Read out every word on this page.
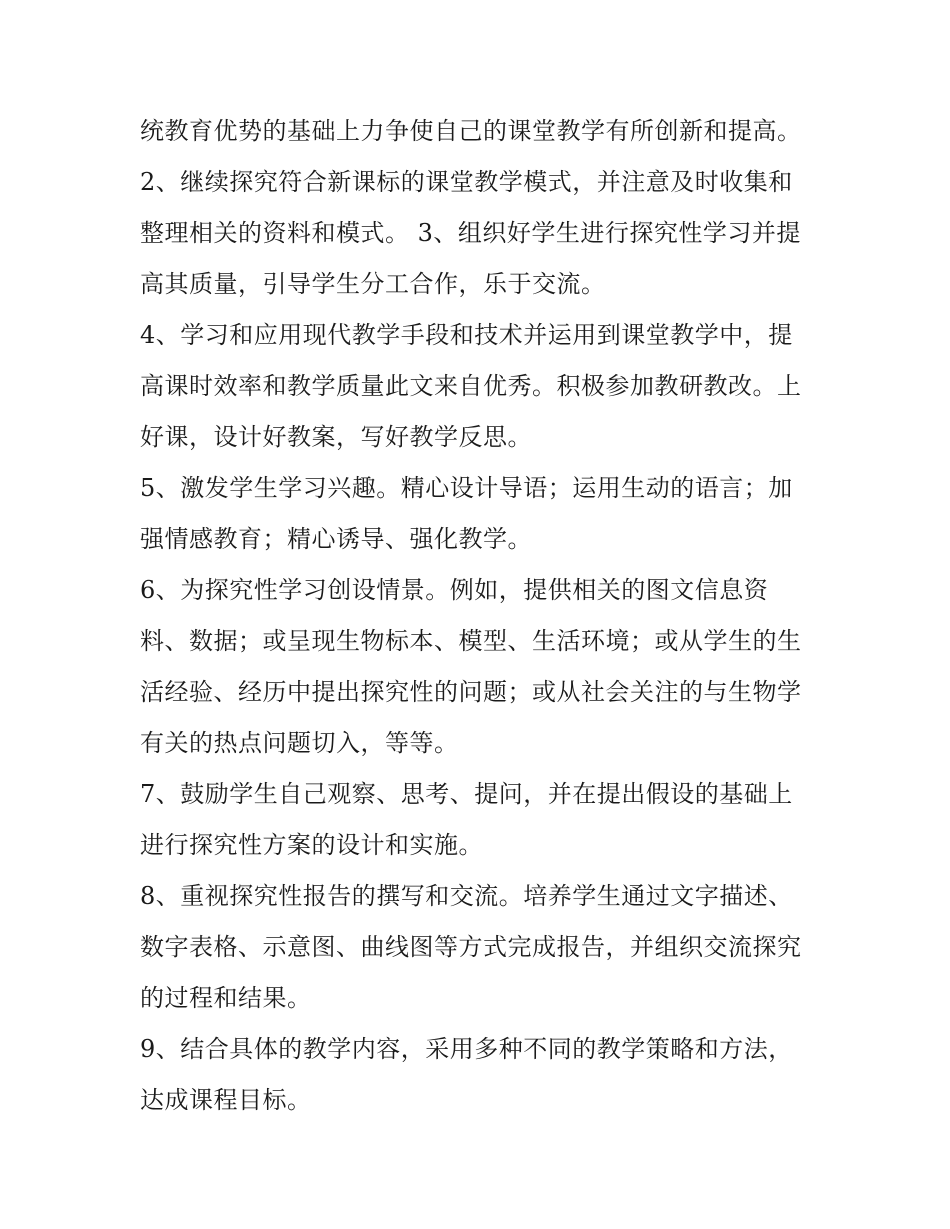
统教育优势的基础上力争使自己的课堂教学有所创新和提高。
2、继续探究符合新课标的课堂教学模式，并注意及时收集和
整理相关的资料和模式。 3、组织好学生进行探究性学习并提
高其质量，引导学生分工合作，乐于交流。
4、学习和应用现代教学手段和技术并运用到课堂教学中，提
高课时效率和教学质量此文来自优秀。积极参加教研教改。上
好课，设计好教案，写好教学反思。
5、激发学生学习兴趣。精心设计导语；运用生动的语言；加
强情感教育；精心诱导、强化教学。
6、为探究性学习创设情景。例如，提供相关的图文信息资
料、数据；或呈现生物标本、模型、生活环境；或从学生的生
活经验、经历中提出探究性的问题；或从社会关注的与生物学
有关的热点问题切入，等等。
7、鼓励学生自己观察、思考、提问，并在提出假设的基础上
进行探究性方案的设计和实施。
8、重视探究性报告的撰写和交流。培养学生通过文字描述、
数字表格、示意图、曲线图等方式完成报告，并组织交流探究
的过程和结果。
9、结合具体的教学内容，采用多种不同的教学策略和方法，
达成课程目标。
